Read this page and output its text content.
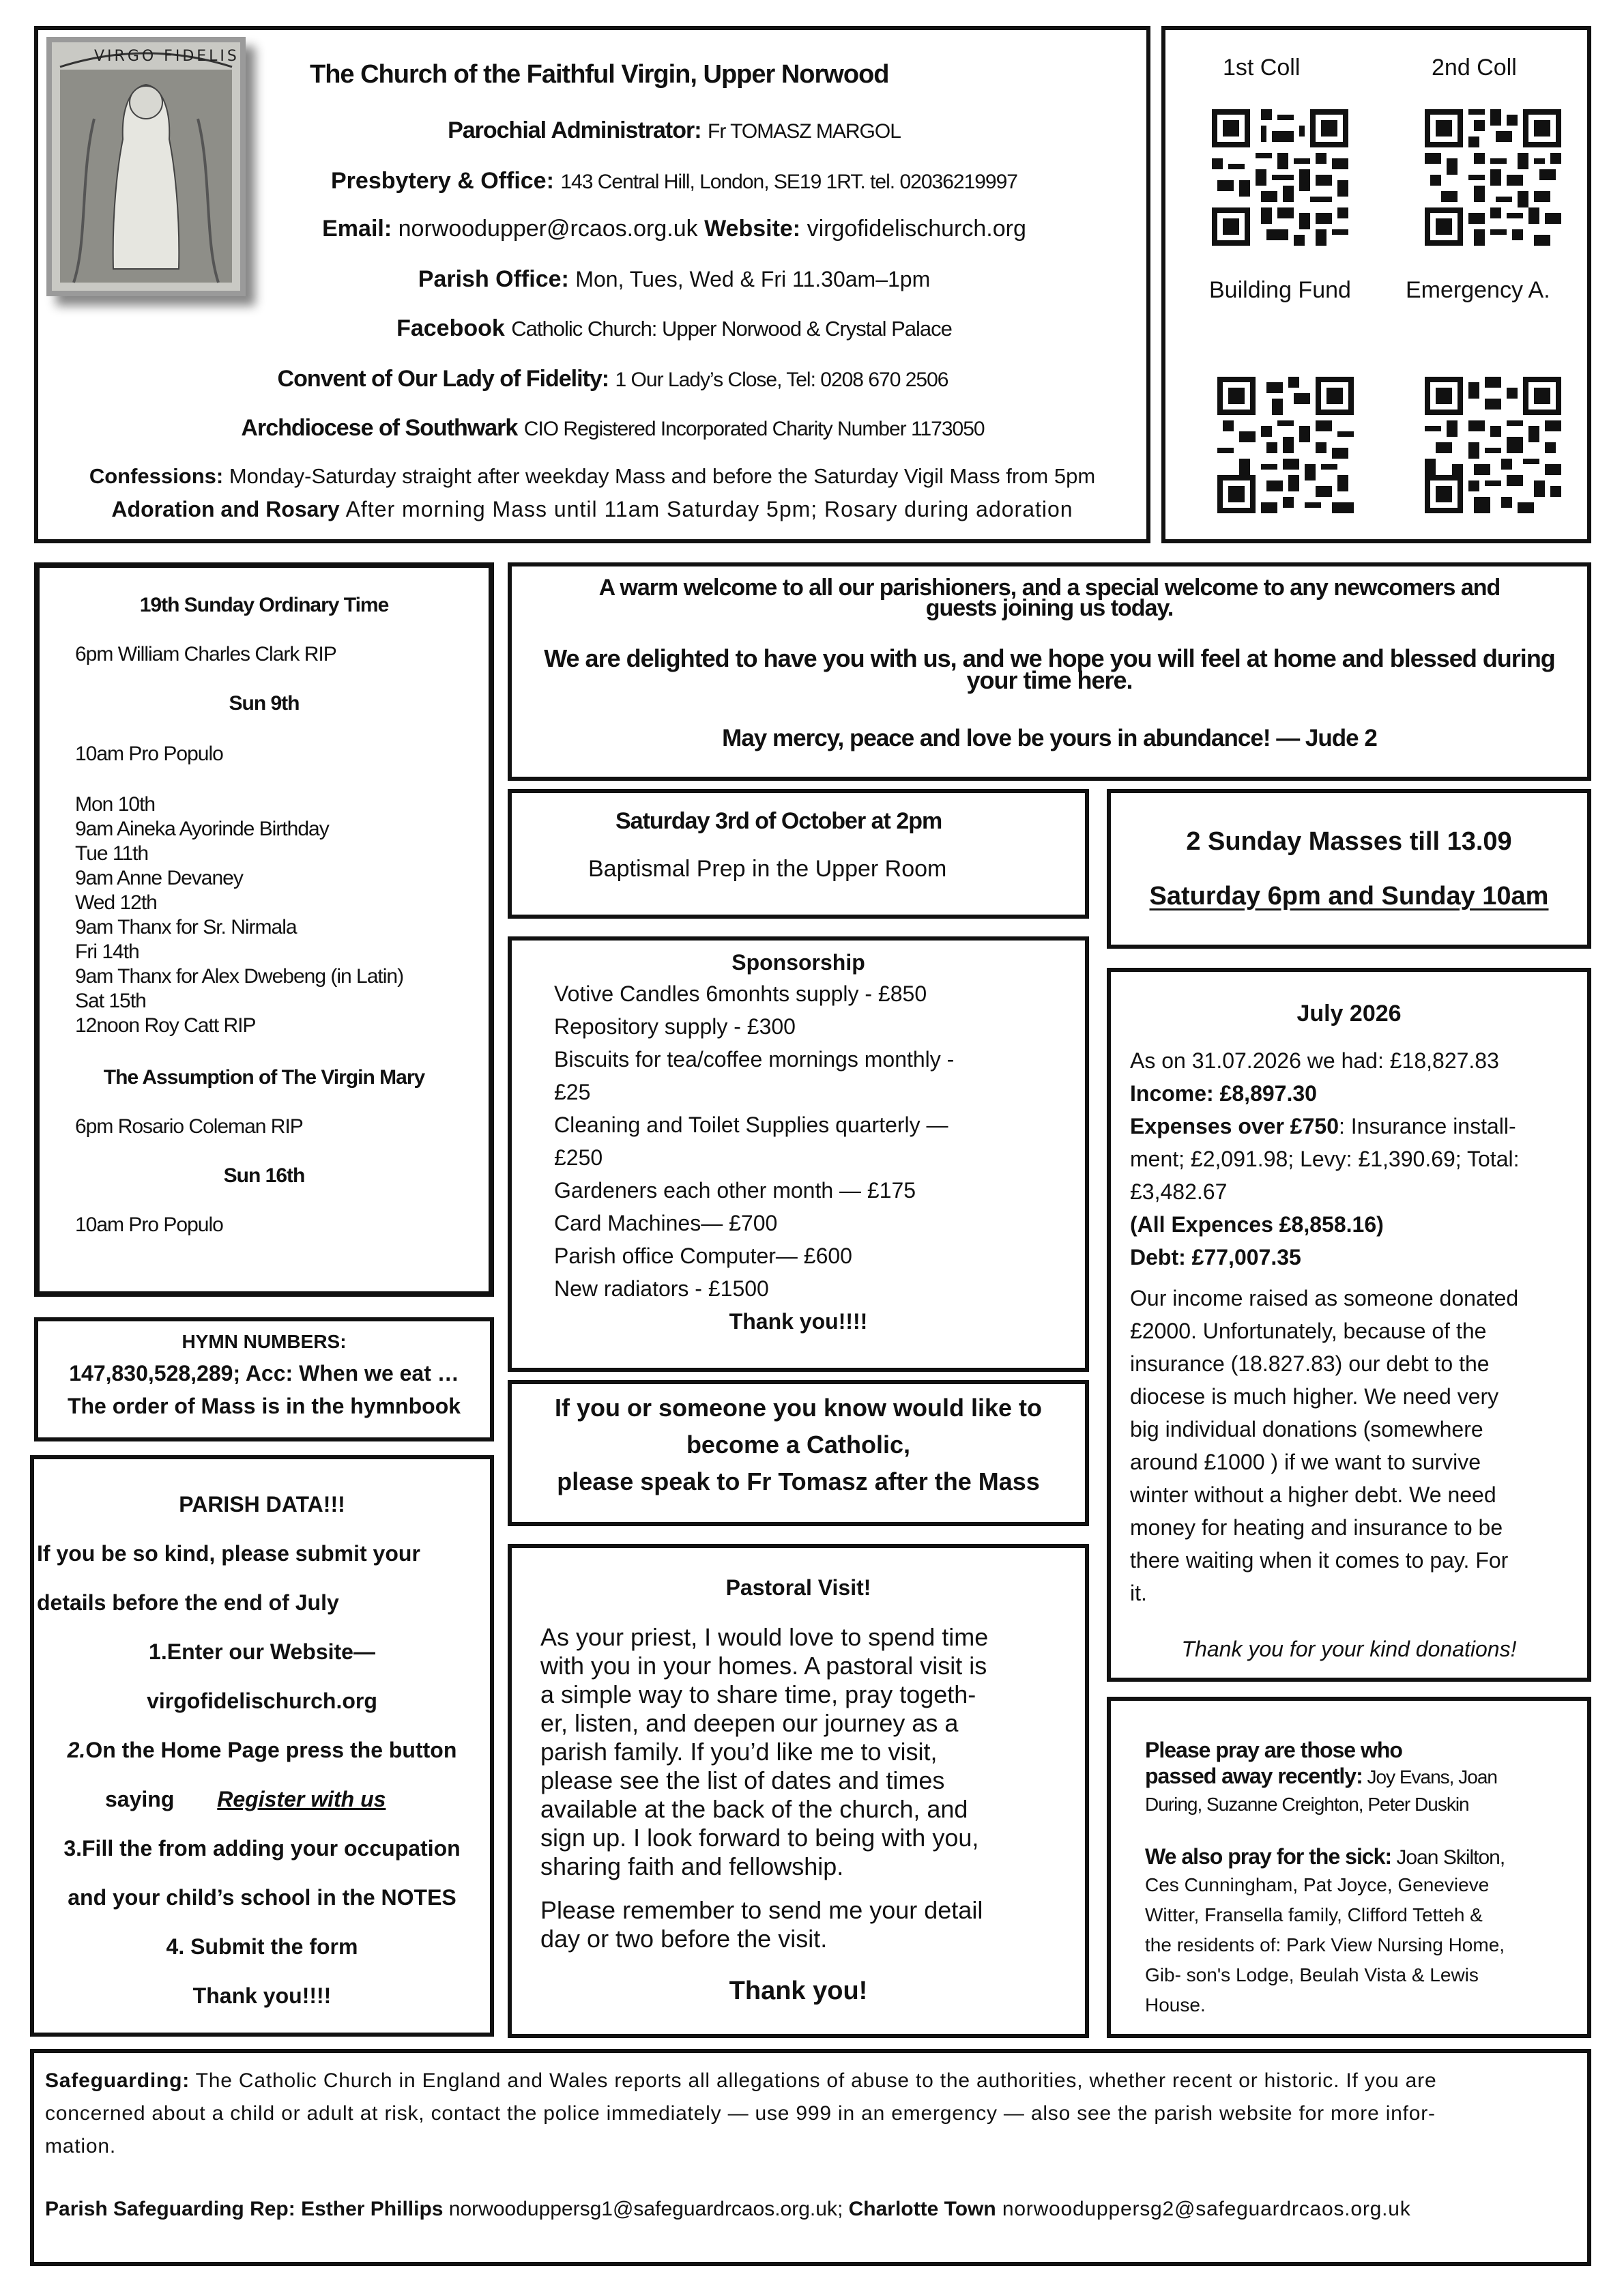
VIRGO FIDELIS
The Church of the Faithful Virgin, Upper Norwood
Parochial Administrator: Fr TOMASZ MARGOL
Presbytery & Office: 143 Central Hill, London, SE19 1RT. tel. 02036219997
Email: norwoodupper@rcaos.org.uk Website: virgofidelischurch.org
Parish Office: Mon, Tues, Wed & Fri 11.30am–1pm
Facebook Catholic Church: Upper Norwood & Crystal Palace
Convent of Our Lady of Fidelity: 1 Our Lady’s Close, Tel: 0208 670 2506
Archdiocese of Southwark CIO Registered Incorporated Charity Number 1173050
Confessions: Monday-Saturday straight after weekday Mass and before the Saturday Vigil Mass from 5pm
Adoration and Rosary After morning Mass until 11am Saturday 5pm; Rosary during adoration
1st Coll	2nd Coll
Building Fund Emergency A.
19th Sunday Ordinary Time
6pm William Charles Clark RIP
Sun 9th
10am Pro Populo
Mon 10th
9am Aineka Ayorinde Birthday
Tue 11th
9am Anne Devaney
Wed 12th
9am Thanx for Sr. Nirmala
Fri 14th
9am Thanx for Alex Dwebeng (in Latin)
Sat 15th
12noon Roy Catt RIP
The Assumption of The Virgin Mary
6pm Rosario Coleman RIP
Sun 16th
10am Pro Populo
A warm welcome to all our parishioners, and a special welcome to any newcomers and
guests joining us today.
We are delighted to have you with us, and we hope you will feel at home and blessed during
your time here.
May mercy, peace and love be yours in abundance! — Jude 2
Saturday 3rd of October at 2pm
Baptismal Prep in the Upper Room
2 Sunday Masses till 13.09
Saturday 6pm and Sunday 10am
Sponsorship
Votive Candles 6monhts supply - £850
Repository supply - £300
Biscuits for tea/coffee mornings monthly -
£25
Cleaning and Toilet Supplies quarterly —
£250
Gardeners each other month — £175
Card Machines— £700
Parish office Computer— £600
New radiators - £1500
Thank you!!!!
July 2026
As on 31.07.2026 we had: £18,827.83
Income: £8,897.30
Expenses over £750: Insurance install-
ment; £2,091.98; Levy: £1,390.69; Total:
£3,482.67
(All Expences £8,858.16)
Debt: £77,007.35
Our income raised as someone donated
£2000. Unfortunately, because of the
insurance (18.827.83) our debt to the
diocese is much higher. We need very
big individual donations (somewhere
around £1000 ) if we want to survive
winter without a higher debt. We need
money for heating and insurance to be
there waiting when it comes to pay. For
it.
Thank you for your kind donations!
HYMN NUMBERS:
147,830,528,289; Acc: When we eat …
The order of Mass is in the hymnbook	If you or someone you know would like to
become a Catholic,
please speak to Fr Tomasz after the Mass
PARISH DATA!!!
If you be so kind, please submit your
details before the end of July
1.Enter our Website—
virgofidelischurch.org
2.On the Home Page press the button
saying Register with us
3.Fill the from adding your occupation
and your child’s school in the NOTES
4. Submit the form
Thank you!!!!
Pastoral Visit!
As your priest, I would love to spend time
with you in your homes. A pastoral visit is
a simple way to share time, pray togeth-
er, listen, and deepen our journey as a
parish family. If you’d like me to visit,
please see the list of dates and times
available at the back of the church, and
sign up. I look forward to being with you,
sharing faith and fellowship.
Please remember to send me your detail
day or two before the visit.
Thank you!
Please pray are those who
passed away recently: Joy Evans, Joan
During, Suzanne Creighton, Peter Duskin
We also pray for the sick: Joan Skilton,
Ces Cunningham, Pat Joyce, Genevieve
Witter, Fransella family, Clifford Tetteh &
the residents of: Park View Nursing Home,
Gib- son's Lodge, Beulah Vista & Lewis
House.
Safeguarding: The Catholic Church in England and Wales reports all allegations of abuse to the authorities, whether recent or historic. If you are
concerned about a child or adult at risk, contact the police immediately — use 999 in an emergency — also see the parish website for more infor-
mation.
Parish Safeguarding Rep: Esther Phillips norwooduppersg1@safeguardrcaos.org.uk; Charlotte Town norwooduppersg2@safeguardrcaos.org.uk
